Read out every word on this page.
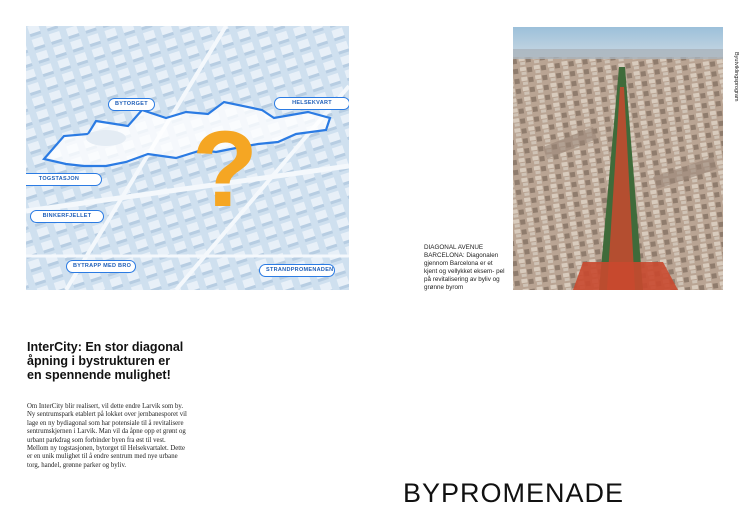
?
BYTORGET	HELSEKVART
TOGSTASJON
BINKERFJELLET
BYTRAPP MED BRO
STRANDPROMENADEN
Byutviklingsprogram
DIAGONAL AVENUE
BARCELONA: Diagonalen gjennom Barcelona er et kjent og vellykket eksem- pel på revitalisering av byliv og grønne byrom
InterCity: En stor diagonal åpning i bystrukturen er en spennende mulighet!

Om InterCity blir realisert, vil dette endre Larvik som by. Ny sentrumspark etablert på lokket over jernbanesporet vil lage en ny bydiagonal som har potensiale til å revitalisere sentrumskjernen i Larvik. Man vil da åpne opp et grønt og urbant parkdrag som forbinder byen fra øst til vest. Mellom ny togstasjonen, bytorget til Helsekvartalet. Dette er en unik mulighet til å endre sentrum med nye urbane torg, handel, grønne parker og byliv.

BYPROMENADE
